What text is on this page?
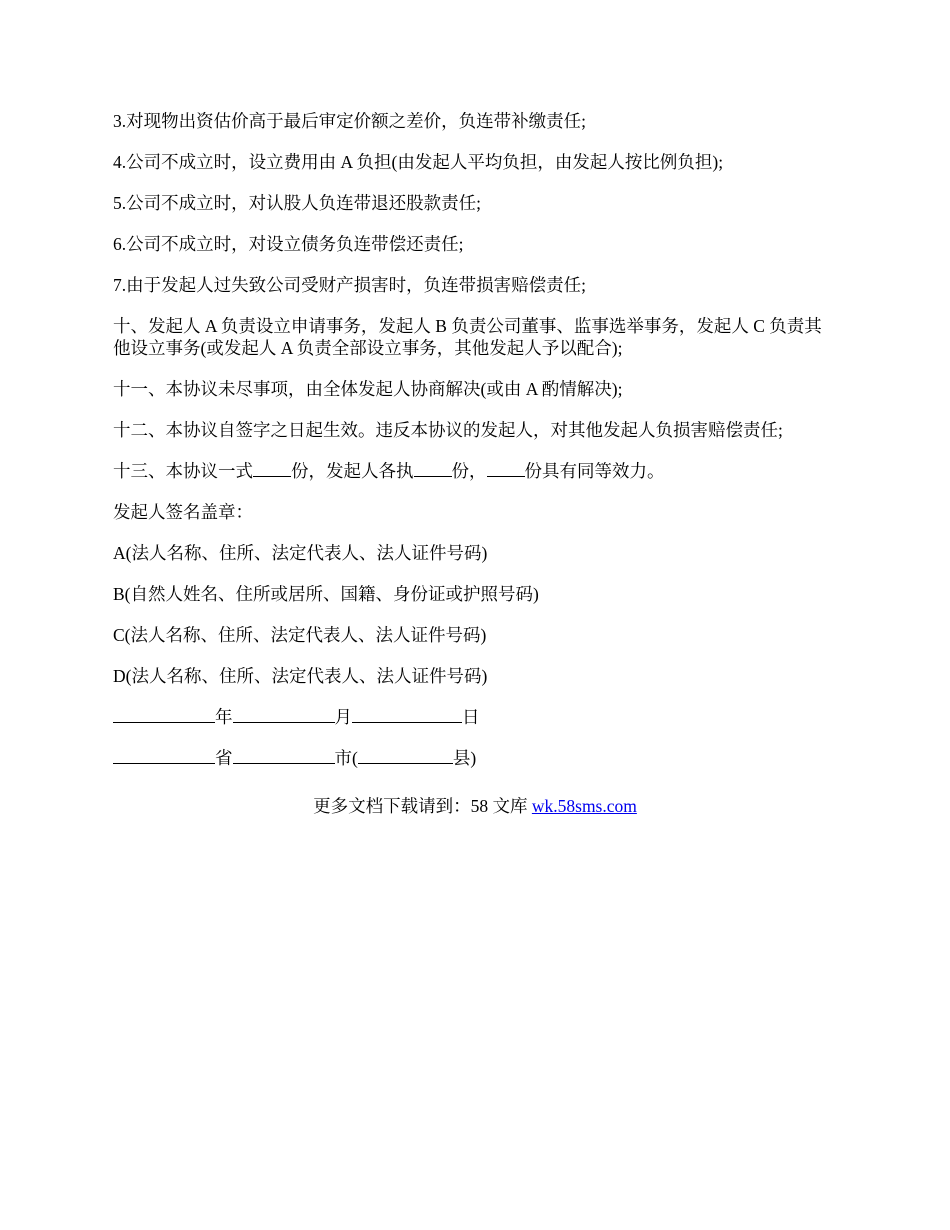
3.对现物出资估价高于最后审定价额之差价，负连带补缴责任;

4.公司不成立时，设立费用由 A 负担(由发起人平均负担，由发起人按比例负担);

5.公司不成立时，对认股人负连带退还股款责任;

6.公司不成立时，对设立债务负连带偿还责任;

7.由于发起人过失致公司受财产损害时，负连带损害赔偿责任;

十、发起人 A 负责设立申请事务，发起人 B 负责公司董事、监事选举事务，发起人 C 负责其他设立事务(或发起人 A 负责全部设立事务，其他发起人予以配合);

十一、本协议未尽事项，由全体发起人协商解决(或由 A 酌情解决);

十二、本协议自签字之日起生效。违反本协议的发起人，对其他发起人负损害赔偿责任;

十三、本协议一式 份，发起人各执 份， 份具有同等效力。

发起人签名盖章：

A(法人名称、住所、法定代表人、法人证件号码)

B(自然人姓名、住所或居所、国籍、身份证或护照号码)

C(法人名称、住所、法定代表人、法人证件号码)

D(法人名称、住所、法定代表人、法人证件号码)

年	月	日

省	市(	县)

更多文档下载请到：58 文库 wk.58sms.com
